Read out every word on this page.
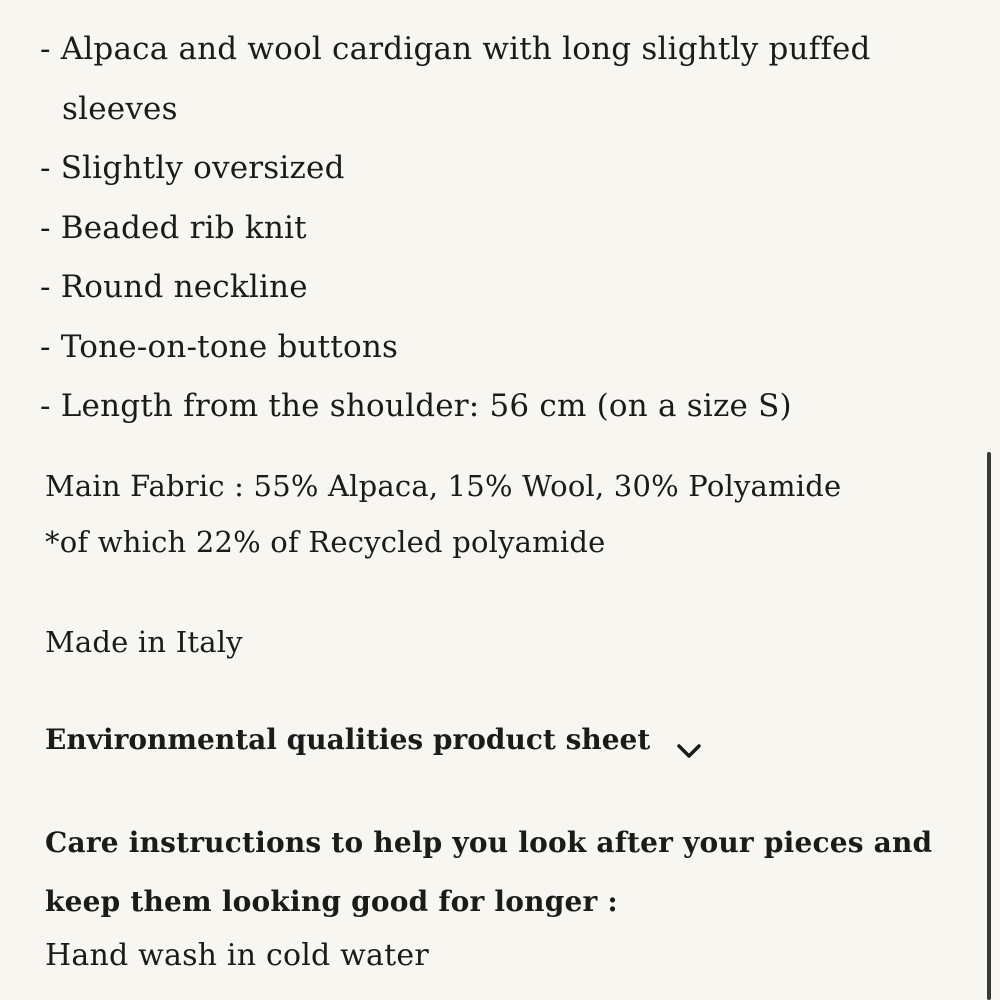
- Alpaca and wool cardigan with long slightly puffed sleeves
- Slightly oversized
- Beaded rib knit
- Round neckline
- Tone-on-tone buttons
- Length from the shoulder: 56 cm (on a size S)
Main Fabric : 55% Alpaca, 15% Wool, 30% Polyamide
*of which 22% of Recycled polyamide
Made in Italy
Environmental qualities product sheet
Care instructions to help you look after your pieces and keep them looking good for longer :
Hand wash in cold water
